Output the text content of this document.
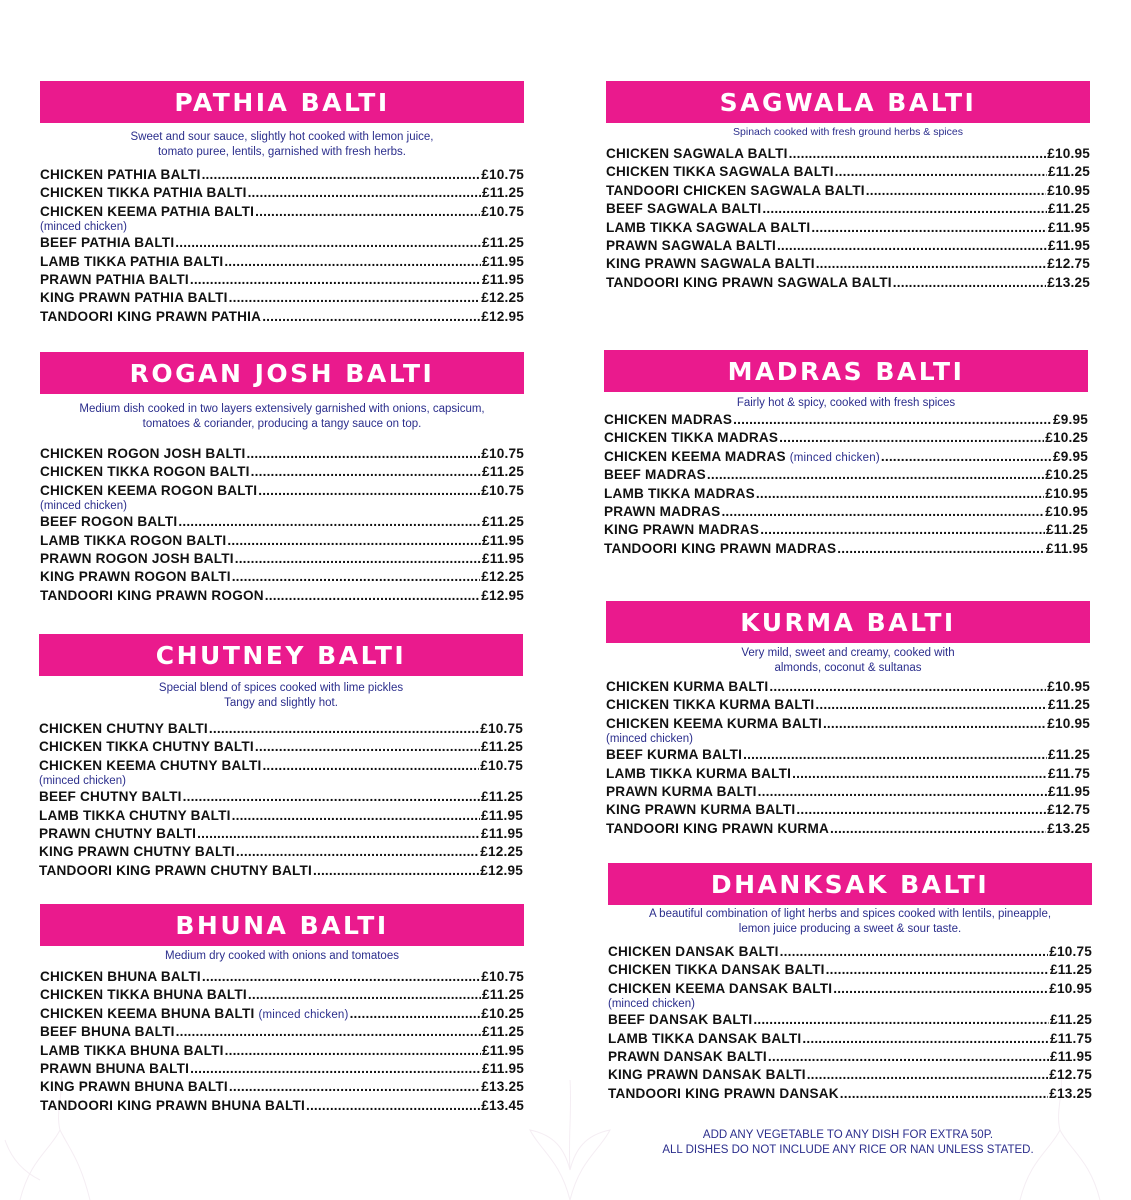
PATHIA BALTI
Sweet and sour sauce, slightly hot cooked with lemon juice,
tomato puree, lentils, garnished with fresh herbs.
CHICKEN PATHIA BALTI .....	£10.75
CHICKEN TIKKA PATHIA BALTI .....	£11.25
CHICKEN KEEMA PATHIA BALTI .....	£10.75
(minced chicken)
BEEF PATHIA BALTI .....	£11.25
LAMB TIKKA PATHIA BALTI .....	£11.95
PRAWN PATHIA BALTI .....	£11.95
KING PRAWN PATHIA BALTI .....	£12.25
TANDOORI KING PRAWN PATHIA .....	£12.95
ROGAN JOSH BALTI
Medium dish cooked in two layers extensively garnished with onions, capsicum,
tomatoes & coriander, producing a tangy sauce on top.
CHICKEN ROGON JOSH BALTI .....	£10.75
CHICKEN TIKKA ROGON BALTI .....	£11.25
CHICKEN KEEMA ROGON BALTI .....	£10.75
(minced chicken)
BEEF ROGON BALTI .....	£11.25
LAMB TIKKA ROGON BALTI .....	£11.95
PRAWN ROGON JOSH BALTI .....	£11.95
KING PRAWN ROGON BALTI .....	£12.25
TANDOORI KING PRAWN ROGON .....	£12.95
CHUTNEY BALTI
Special blend of spices cooked with lime pickles
Tangy and slightly hot.
CHICKEN CHUTNY BALTI .....	£10.75
CHICKEN TIKKA CHUTNY BALTI .....	£11.25
CHICKEN KEEMA CHUTNY BALTI .....	£10.75
(minced chicken)
BEEF CHUTNY BALTI .....	£11.25
LAMB TIKKA CHUTNY BALTI .....	£11.95
PRAWN CHUTNY BALTI .....	£11.95
KING PRAWN CHUTNY BALTI .....	£12.25
TANDOORI KING PRAWN CHUTNY BALTI .....	£12.95
BHUNA BALTI
Medium dry cooked with onions and tomatoes
CHICKEN BHUNA BALTI .....	£10.75
CHICKEN TIKKA BHUNA BALTI .....	£11.25
CHICKEN KEEMA BHUNA BALTI (minced chicken) .....	£10.25
BEEF BHUNA BALTI .....	£11.25
LAMB TIKKA BHUNA BALTI .....	£11.95
PRAWN BHUNA BALTI .....	£11.95
KING PRAWN BHUNA BALTI .....	£13.25
TANDOORI KING PRAWN BHUNA BALTI .....	£13.45
SAGWALA BALTI
Spinach cooked with fresh ground herbs & spices
CHICKEN SAGWALA BALTI .....	£10.95
CHICKEN TIKKA SAGWALA BALTI .....	£11.25
TANDOORI CHICKEN SAGWALA BALTI .....	£10.95
BEEF SAGWALA BALTI .....	£11.25
LAMB TIKKA SAGWALA BALTI .....	£11.95
PRAWN SAGWALA BALTI .....	£11.95
KING PRAWN SAGWALA BALTI .....	£12.75
TANDOORI KING PRAWN SAGWALA BALTI .....	£13.25
MADRAS BALTI
Fairly hot & spicy, cooked with fresh spices
CHICKEN MADRAS .....	£9.95
CHICKEN TIKKA MADRAS .....	£10.25
CHICKEN KEEMA MADRAS (minced chicken) .....	£9.95
BEEF MADRAS .....	£10.25
LAMB TIKKA MADRAS .....	£10.95
PRAWN MADRAS .....	£10.95
KING PRAWN MADRAS .....	£11.25
TANDOORI KING PRAWN MADRAS .....	£11.95
KURMA BALTI
Very mild, sweet and creamy, cooked with
almonds, coconut & sultanas
CHICKEN KURMA BALTI .....	£10.95
CHICKEN TIKKA KURMA BALTI .....	£11.25
CHICKEN KEEMA KURMA BALTI .....	£10.95
(minced chicken)
BEEF KURMA BALTI .....	£11.25
LAMB TIKKA KURMA BALTI .....	£11.75
PRAWN KURMA BALTI .....	£11.95
KING PRAWN KURMA BALTI .....	£12.75
TANDOORI KING PRAWN KURMA .....	£13.25
DHANKSAK BALTI
A beautiful combination of light herbs and spices cooked with lentils, pineapple,
lemon juice producing a sweet & sour taste.
CHICKEN DANSAK BALTI .....	£10.75
CHICKEN TIKKA DANSAK BALTI .....	£11.25
CHICKEN KEEMA DANSAK BALTI .....	£10.95
(minced chicken)
BEEF DANSAK BALTI .....	£11.25
LAMB TIKKA DANSAK BALTI .....	£11.75
PRAWN DANSAK BALTI .....	£11.95
KING PRAWN DANSAK BALTI .....	£12.75
TANDOORI KING PRAWN DANSAK .....	£13.25
ADD ANY VEGETABLE TO ANY DISH FOR EXTRA 50P.
ALL DISHES DO NOT INCLUDE ANY RICE OR NAN UNLESS STATED.
